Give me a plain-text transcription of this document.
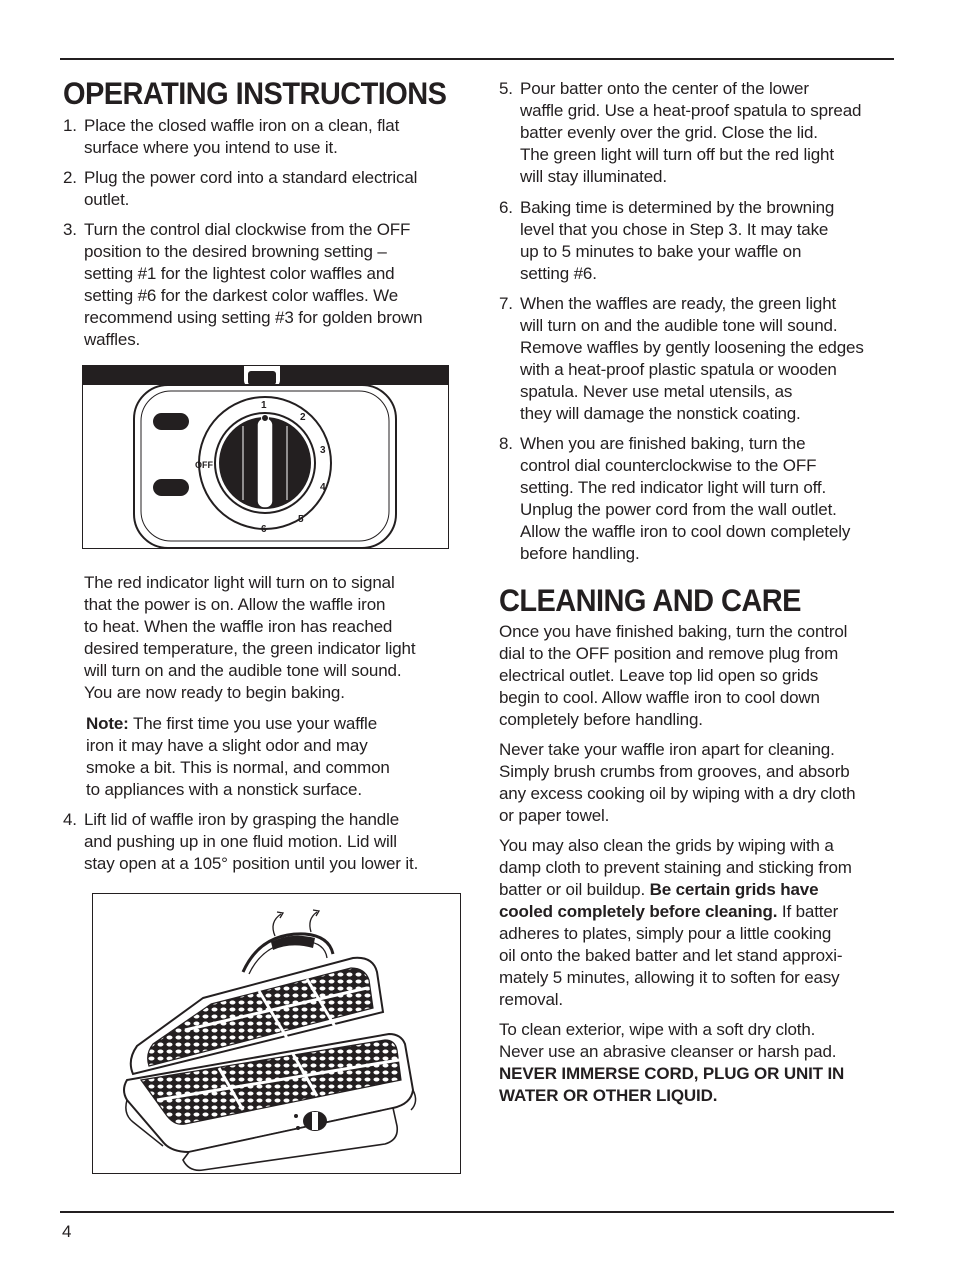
OPERATING INSTRUCTIONS
1. Place the closed waffle iron on a clean, flat
surface where you intend to use it.
2. Plug the power cord into a standard electrical
outlet.
3. Turn the control dial clockwise from the OFF
position to the desired browning setting –
setting #1 for the lightest color waffles and
setting #6 for the darkest color waffles. We
recommend using setting #3 for golden brown
waffles.
The red indicator light will turn on to signal
that the power is on. Allow the waffle iron
to heat. When the waffle iron has reached
desired temperature, the green indicator light
will turn on and the audible tone will sound.
You are now ready to begin baking.
Note: The first time you use your waffle
iron it may have a slight odor and may
smoke a bit. This is normal, and common
to appliances with a nonstick surface.
4. Lift lid of waffle iron by grasping the handle
and pushing up in one fluid motion. Lid will
stay open at a 105° position until you lower it.
1
2
3
4
5
6
OFF
5. Pour batter onto the center of the lower
waffle grid. Use a heat-proof spatula to spread
batter evenly over the grid. Close the lid.
The green light will turn off but the red light
will stay illuminated.
6. Baking time is determined by the browning
level that you chose in Step 3. It may take
up to 5 minutes to bake your waffle on
setting #6.
7. When the waffles are ready, the green light
will turn on and the audible tone will sound.
Remove waffles by gently loosening the edges
with a heat-proof plastic spatula or wooden
spatula. Never use metal utensils, as
they will damage the nonstick coating.
8. When you are finished baking, turn the
control dial counterclockwise to the OFF
setting. The red indicator light will turn off.
Unplug the power cord from the wall outlet.
Allow the waffle iron to cool down completely
before handling.
CLEANING AND CARE
Once you have finished baking, turn the control
dial to the OFF position and remove plug from
electrical outlet. Leave top lid open so grids
begin to cool. Allow waffle iron to cool down
completely before handling.
Never take your waffle iron apart for cleaning.
Simply brush crumbs from grooves, and absorb
any excess cooking oil by wiping with a dry cloth
or paper towel.
You may also clean the grids by wiping with a
damp cloth to prevent staining and sticking from
batter or oil buildup. Be certain grids have
cooled completely before cleaning. If batter
adheres to plates, simply pour a little cooking
oil onto the baked batter and let stand approxi-
mately 5 minutes, allowing it to soften for easy
removal.
To clean exterior, wipe with a soft dry cloth.
Never use an abrasive cleanser or harsh pad.
NEVER IMMERSE CORD, PLUG OR UNIT IN
WATER OR OTHER LIQUID.
4
